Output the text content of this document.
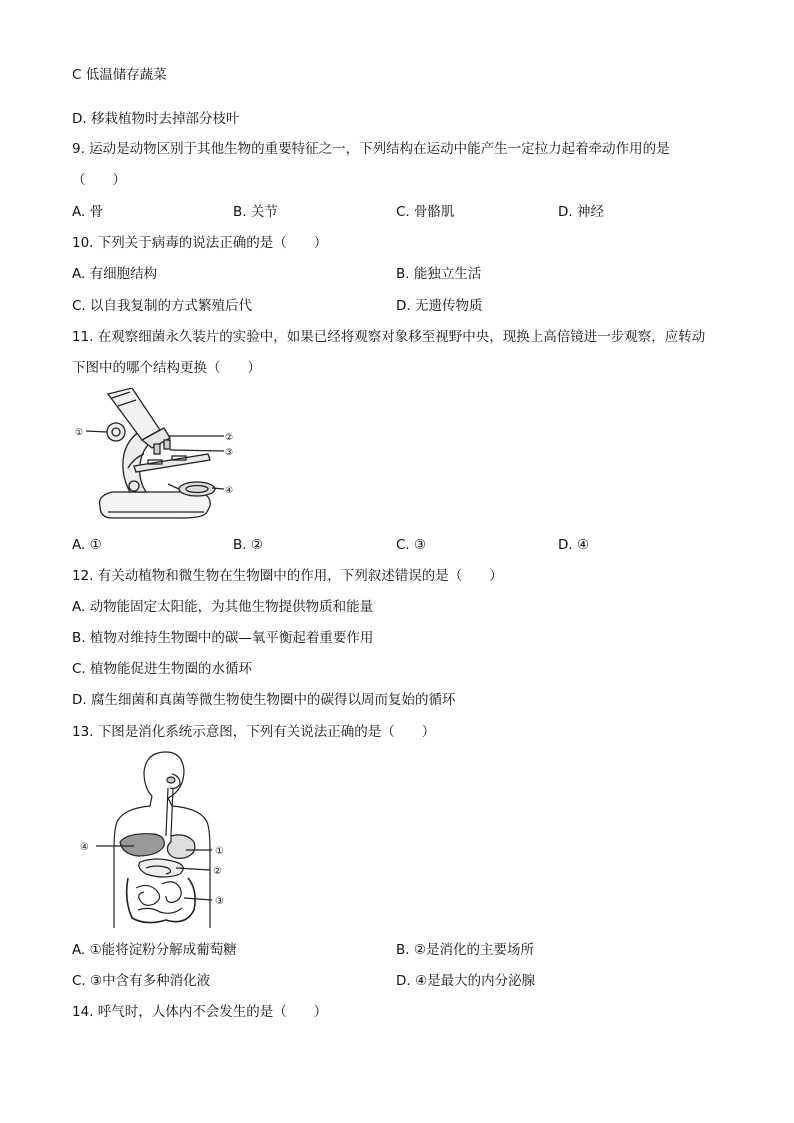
C 低温储存蔬菜
D. 移栽植物时去掉部分枝叶
9. 运动是动物区别于其他生物的重要特征之一，下列结构在运动中能产生一定拉力起着牵动作用的是
（　　）
A. 骨	B. 关节	C. 骨骼肌	D. 神经
10. 下列关于病毒的说法正确的是（　　）
A. 有细胞结构	B. 能独立生活
C. 以自我复制的方式繁殖后代	D. 无遗传物质
11. 在观察细菌永久装片的实验中，如果已经将观察对象移至视野中央，现换上高倍镜进一步观察，应转动
下图中的哪个结构更换（　　）
①	②
③
④
A. ①	B. ②	C. ③	D. ④
12. 有关动植物和微生物在生物圈中的作用，下列叙述错误的是（　　）
A. 动物能固定太阳能，为其他生物提供物质和能量
B. 植物对维持生物圈中的碳—氧平衡起着重要作用
C. 植物能促进生物圈的水循环
D. 腐生细菌和真菌等微生物使生物圈中的碳得以周而复始的循环
13. 下图是消化系统示意图，下列有关说法正确的是（　　）
④	①
②
③
A. ①能将淀粉分解成葡萄糖	B. ②是消化的主要场所
C. ③中含有多种消化液	D. ④是最大的内分泌腺
14. 呼气时，人体内不会发生的是（　　）
